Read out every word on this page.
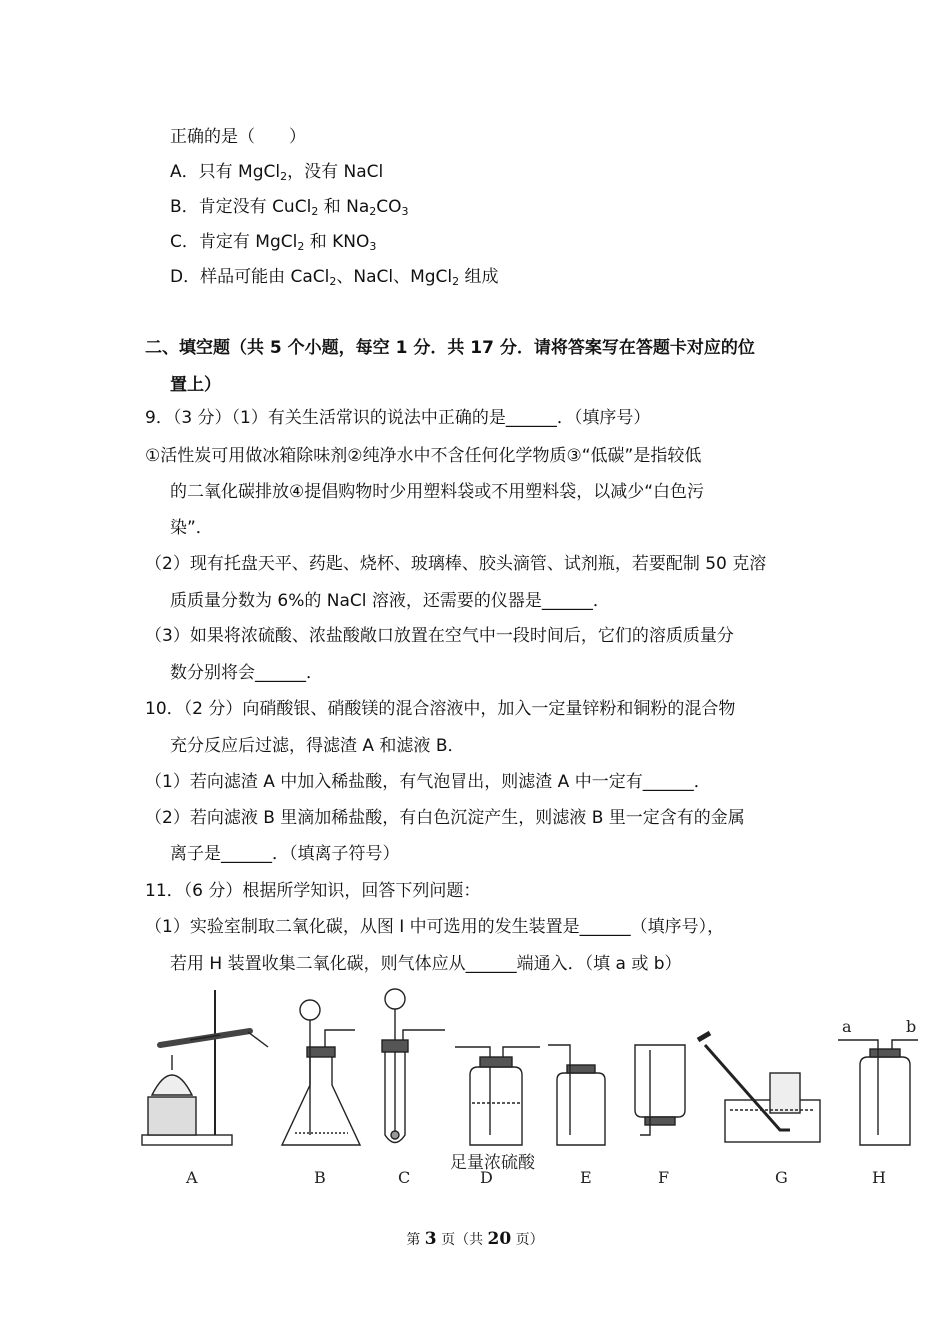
正确的是（　　）
A．只有 MgCl$_2$，没有 NaCl
B．肯定没有 CuCl$_2$ 和 $Na_2CO_3$
C．肯定有 MgCl$_2$ 和 $KNO_3$
D．样品可能由 CaCl$_2$、NaCl、MgCl$_2$ 组成
二、填空题（共 5 个小题，每空 1 分．共 17 分．请将答案写在答题卡对应的位
置上）
9．（3 分）（1）有关生活常识的说法中正确的是______．（填序号）
①活性炭可用做冰箱除味剂②纯净水中不含任何化学物质③“低碳”是指较低
的二氧化碳排放④提倡购物时少用塑料袋或不用塑料袋，以减少“白色污
染”．
（2）现有托盘天平、药匙、烧杯、玻璃棒、胶头滴管、试剂瓶，若要配制 50 克溶
质质量分数为 6%的 NaCl 溶液，还需要的仪器是______．
（3）如果将浓硫酸、浓盐酸敞口放置在空气中一段时间后，它们的溶质质量分
数分别将会______．
10．（2 分）向硝酸银、硝酸镁的混合溶液中，加入一定量锌粉和铜粉的混合物
充分反应后过滤，得滤渣 A 和滤液 B．
（1）若向滤渣 A 中加入稀盐酸，有气泡冒出，则滤渣 A 中一定有______．
（2）若向滤液 B 里滴加稀盐酸，有白色沉淀产生，则滤液 B 里一定含有的金属
离子是______．（填离子符号）
11．（6 分）根据所学知识，回答下列问题：
（1）实验室制取二氧化碳，从图 I 中可选用的发生装置是______（填序号），
若用 H 装置收集二氧化碳，则气体应从______端通入．（填 a 或 b）
a	b
足量浓硫酸
A	B	C	D	E	F	G	H
第 3 页（共 20 页）
